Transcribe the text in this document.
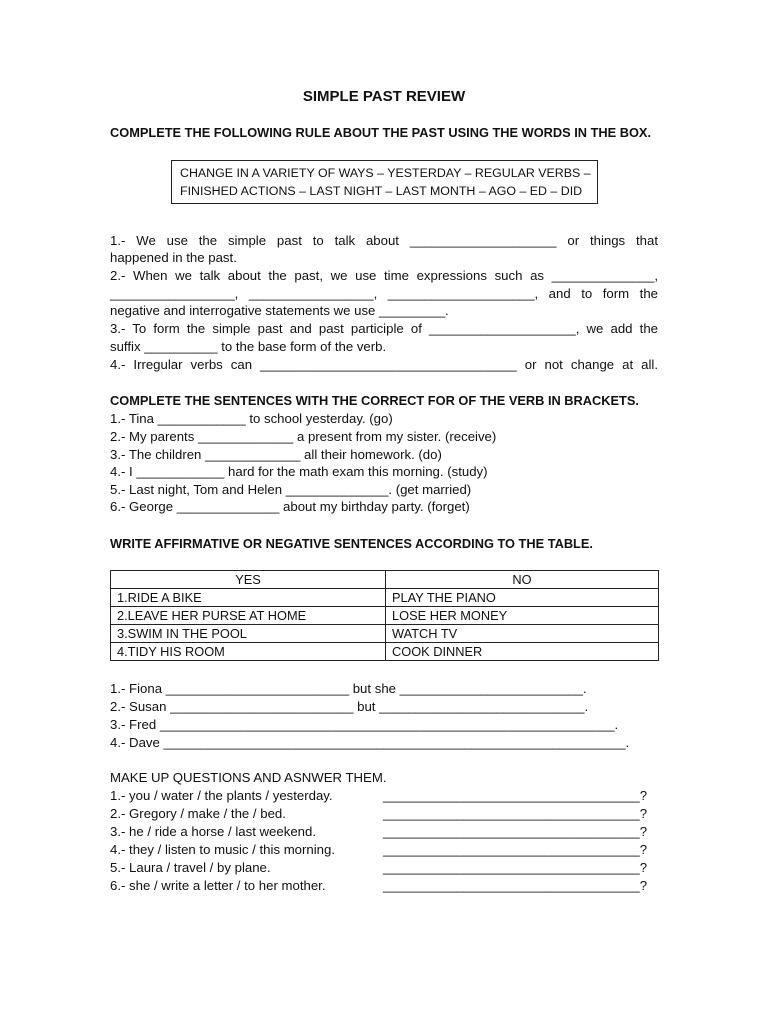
SIMPLE PAST REVIEW
COMPLETE THE FOLLOWING RULE ABOUT THE PAST USING THE WORDS IN THE BOX.
CHANGE IN A VARIETY OF WAYS – YESTERDAY – REGULAR VERBS –
FINISHED ACTIONS – LAST NIGHT – LAST MONTH – AGO – ED – DID
1.- We use the simple past to talk about ____________________ or things that
happened in the past.
2.- When we talk about the past, we use time expressions such as ______________,
_________________, _________________, ____________________, and to form the
negative and interrogative statements we use _________.
3.- To form the simple past and past participle of ____________________, we add the
suffix __________ to the base form of the verb.
4.- Irregular verbs can ___________________________________ or not change at all.
COMPLETE THE SENTENCES WITH THE CORRECT FOR OF THE VERB IN BRACKETS.
1.- Tina ____________ to school yesterday. (go)
2.- My parents _____________ a present from my sister. (receive)
3.- The children _____________ all their homework. (do)
4.- I ____________ hard for the math exam this morning. (study)
5.- Last night, Tom and Helen ______________. (get married)
6.- George ______________ about my birthday party. (forget)
WRITE AFFIRMATIVE OR NEGATIVE SENTENCES ACCORDING TO THE TABLE.
YES	NO
1.RIDE A BIKE	PLAY THE PIANO
2.LEAVE HER PURSE AT HOME	LOSE HER MONEY
3.SWIM IN THE POOL	WATCH TV
4.TIDY HIS ROOM	COOK DINNER
1.- Fiona _________________________ but she _________________________.
2.- Susan _________________________ but ____________________________.
3.- Fred ______________________________________________________________.
4.- Dave _______________________________________________________________.
MAKE UP QUESTIONS AND ASNWER THEM.
1.- you / water / the plants / yesterday.	___________________________________?
2.- Gregory / make / the / bed.	___________________________________?
3.- he / ride a horse / last weekend.	___________________________________?
4.- they / listen to music / this morning.	___________________________________?
5.- Laura / travel / by plane.	___________________________________?
6.- she / write a letter / to her mother.	___________________________________?
